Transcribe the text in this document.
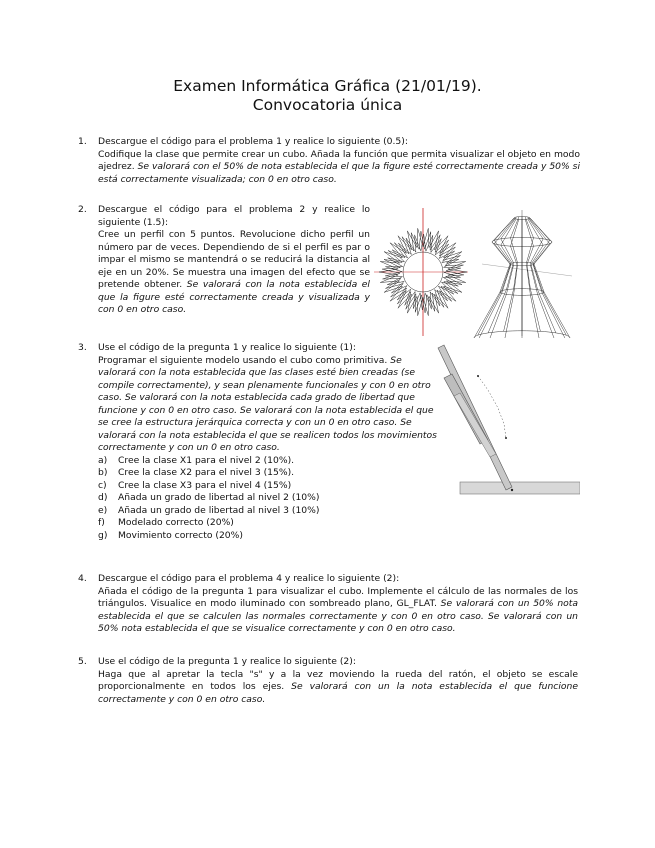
Examen Informática Gráfica (21/01/19).
Convocatoria única
1.	Descargue el código para el problema 1 y realice lo siguiente (0.5):

Codifique la clase que permite crear un cubo. Añada la función que permita visualizar el objeto en modo ajedrez. Se valorará con el 50% de nota establecida el que la figure esté correctamente creada y 50% si está correctamente visualizada; con 0 en otro caso.

2.	Descargue el código para el problema 2 y realice lo siguiente (1.5):

Cree un perfil con 5 puntos. Revolucione dicho perfil un número par de veces. Dependiendo de si el perfil es par o impar el mismo se mantendrá o se reducirá la distancia al eje en un 20%. Se muestra una imagen del efecto que se pretende obtener. Se valorará con la nota establecida el que la figure esté correctamente creada y visualizada y con 0 en otro caso.

3.	Use el código de la pregunta 1 y realice lo siguiente (1):

Programar el siguiente modelo usando el cubo como primitiva. Se valorará con la nota establecida que las clases esté bien creadas (se compile correctamente), y sean plenamente funcionales y con 0 en otro caso. Se valorará con la nota establecida cada grado de libertad que funcione y con 0 en otro caso. Se valorará con la nota establecida el que se cree la estructura jerárquica correcta y con un 0 en otro caso. Se valorará con la nota establecida el que se realicen todos los movimientos correctamente y con un 0 en otro caso.

a) Cree la clase X1 para el nivel 2 (10%).
b) Cree la clase X2 para el nivel 3 (15%).
c) Cree la clase X3 para el nivel 4 (15%)
d) Añada un grado de libertad al nivel 2 (10%)
e) Añada un grado de libertad al nivel 3 (10%)
f) Modelado correcto (20%)
g) Movimiento correcto (20%)
4.	Descargue el código para el problema 4 y realice lo siguiente (2):

Añada el código de la pregunta 1 para visualizar el cubo. Implemente el cálculo de las normales de los triángulos. Visualice en modo iluminado con sombreado plano, GL_FLAT. Se valorará con un 50% nota establecida el que se calculen las normales correctamente y con 0 en otro caso. Se valorará con un 50% nota establecida el que se visualice correctamente y con 0 en otro caso.

5.	Use el código de la pregunta 1 y realice lo siguiente (2):

Haga que al apretar la tecla "s" y a la vez moviendo la rueda del ratón, el objeto se escale proporcionalmente en todos los ejes. Se valorará con un la nota establecida el que funcione correctamente y con 0 en otro caso.
